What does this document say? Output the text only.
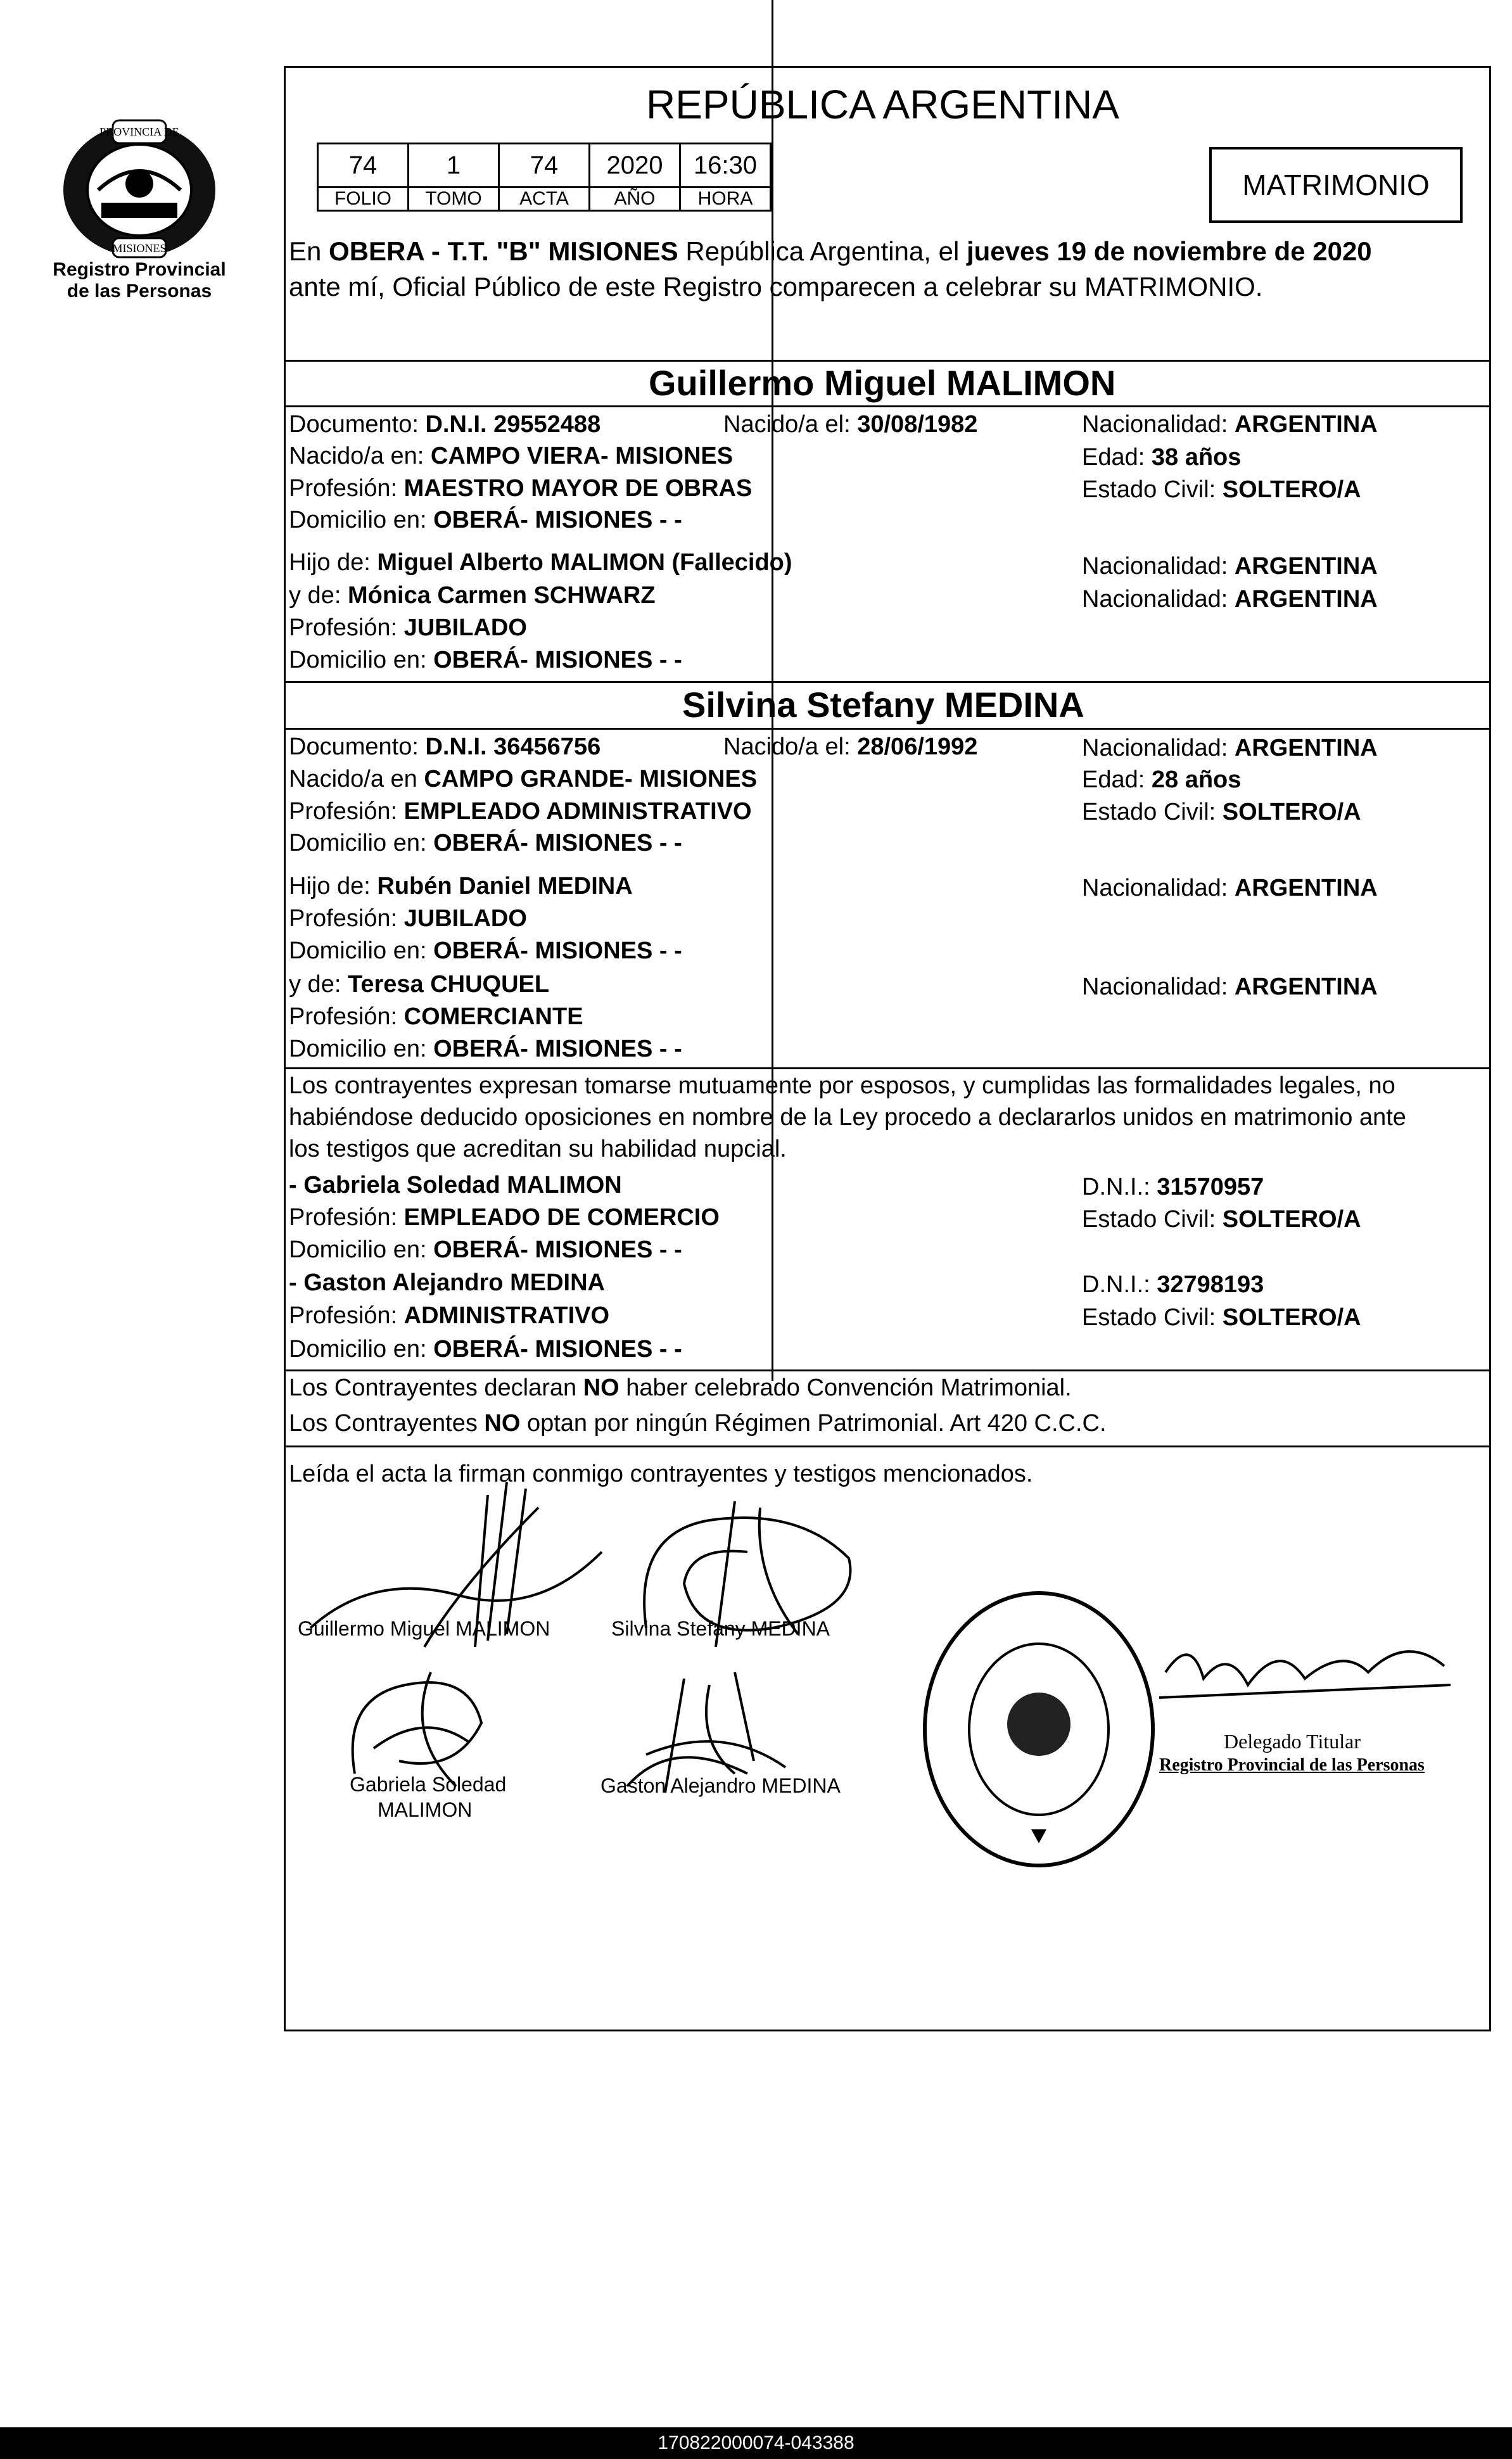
PROVINCIA DE
MISIONES
Registro Provincial
de las Personas
REPÚBLICA ARGENTINA
74	1	74	2020	16:30
FOLIO	TOMO	ACTA	AÑO	HORA	MATRIMONIO
En OBERA - T.T. "B" MISIONES República Argentina, el jueves 19 de noviembre de 2020
ante mí, Oficial Público de este Registro comparecen a celebrar su MATRIMONIO.
Guillermo Miguel MALIMON
Documento: D.N.I. 29552488	Nacido/a el: 30/08/1982	Nacionalidad: ARGENTINA
Nacido/a en: CAMPO VIERA- MISIONES	Edad: 38 años
Profesión: MAESTRO MAYOR DE OBRAS	Estado Civil: SOLTERO/A
Domicilio en: OBERÁ- MISIONES - -
Hijo de: Miguel Alberto MALIMON (Fallecido)	Nacionalidad: ARGENTINA
y de: Mónica Carmen SCHWARZ	Nacionalidad: ARGENTINA
Profesión: JUBILADO
Domicilio en: OBERÁ- MISIONES - -
Silvina Stefany MEDINA
Documento: D.N.I. 36456756	Nacido/a el: 28/06/1992	Nacionalidad: ARGENTINA
Nacido/a en CAMPO GRANDE- MISIONES	Edad: 28 años
Profesión: EMPLEADO ADMINISTRATIVO	Estado Civil: SOLTERO/A
Domicilio en: OBERÁ- MISIONES - -
Hijo de: Rubén Daniel MEDINA	Nacionalidad: ARGENTINA
Profesión: JUBILADO
Domicilio en: OBERÁ- MISIONES - -
y de: Teresa CHUQUEL	Nacionalidad: ARGENTINA
Profesión: COMERCIANTE
Domicilio en: OBERÁ- MISIONES - -
Los contrayentes expresan tomarse mutuamente por esposos, y cumplidas las formalidades legales, no
habiéndose deducido oposiciones en nombre de la Ley procedo a declararlos unidos en matrimonio ante
los testigos que acreditan su habilidad nupcial.
- Gabriela Soledad MALIMON	D.N.I.: 31570957
Profesión: EMPLEADO DE COMERCIO	Estado Civil: SOLTERO/A
Domicilio en: OBERÁ- MISIONES - -
- Gaston Alejandro MEDINA	D.N.I.: 32798193
Profesión: ADMINISTRATIVO	Estado Civil: SOLTERO/A
Domicilio en: OBERÁ- MISIONES - -
Los Contrayentes declaran NO haber celebrado Convención Matrimonial.
Los Contrayentes NO optan por ningún Régimen Patrimonial. Art 420 C.C.C.
Leída el acta la firman conmigo contrayentes y testigos mencionados.
Guillermo Miguel MALIMON	Silvina Stefany MEDINA
Gabriela Soledad
MALIMON
Gaston Alejandro MEDINA
Delegado Titular
Registro Provincial de las Personas
170822000074-043388
